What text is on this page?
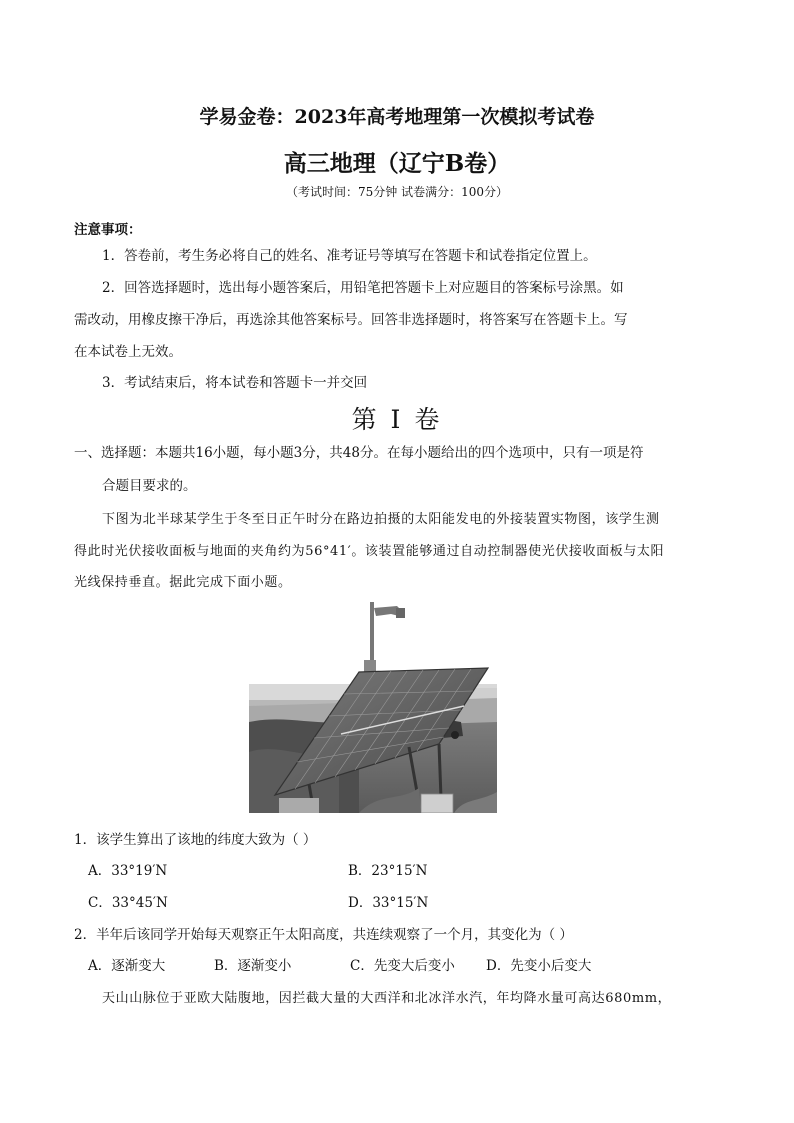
学易金卷：2023年高考地理第一次模拟考试卷
高三地理（辽宁B卷）
（考试时间：75分钟 试卷满分：100分）
注意事项：
1．答卷前，考生务必将自己的姓名、准考证号等填写在答题卡和试卷指定位置上。
2．回答选择题时，选出每小题答案后，用铅笔把答题卡上对应题目的答案标号涂黑。如
需改动，用橡皮擦干净后，再选涂其他答案标号。回答非选择题时，将答案写在答题卡上。写
在本试卷上无效。
3．考试结束后，将本试卷和答题卡一并交回
第 I 卷
一、选择题：本题共16小题，每小题3分，共48分。在每小题给出的四个选项中，只有一项是符
合题目要求的。
下图为北半球某学生于冬至日正午时分在路边拍摄的太阳能发电的外接装置实物图，该学生测
得此时光伏接收面板与地面的夹角约为56°41′。该装置能够通过自动控制器使光伏接收面板与太阳
光线保持垂直。据此完成下面小题。
1．该学生算出了该地的纬度大致为（ ）
A．33°19′N	B．23°15′N
C．33°45′N	D．33°15′N
2．半年后该同学开始每天观察正午太阳高度，共连续观察了一个月，其变化为（ ）
A．逐渐变大	B．逐渐变小	C．先变大后变小 D．先变小后变大
天山山脉位于亚欧大陆腹地，因拦截大量的大西洋和北冰洋水汽，年均降水量可高达680mm，
